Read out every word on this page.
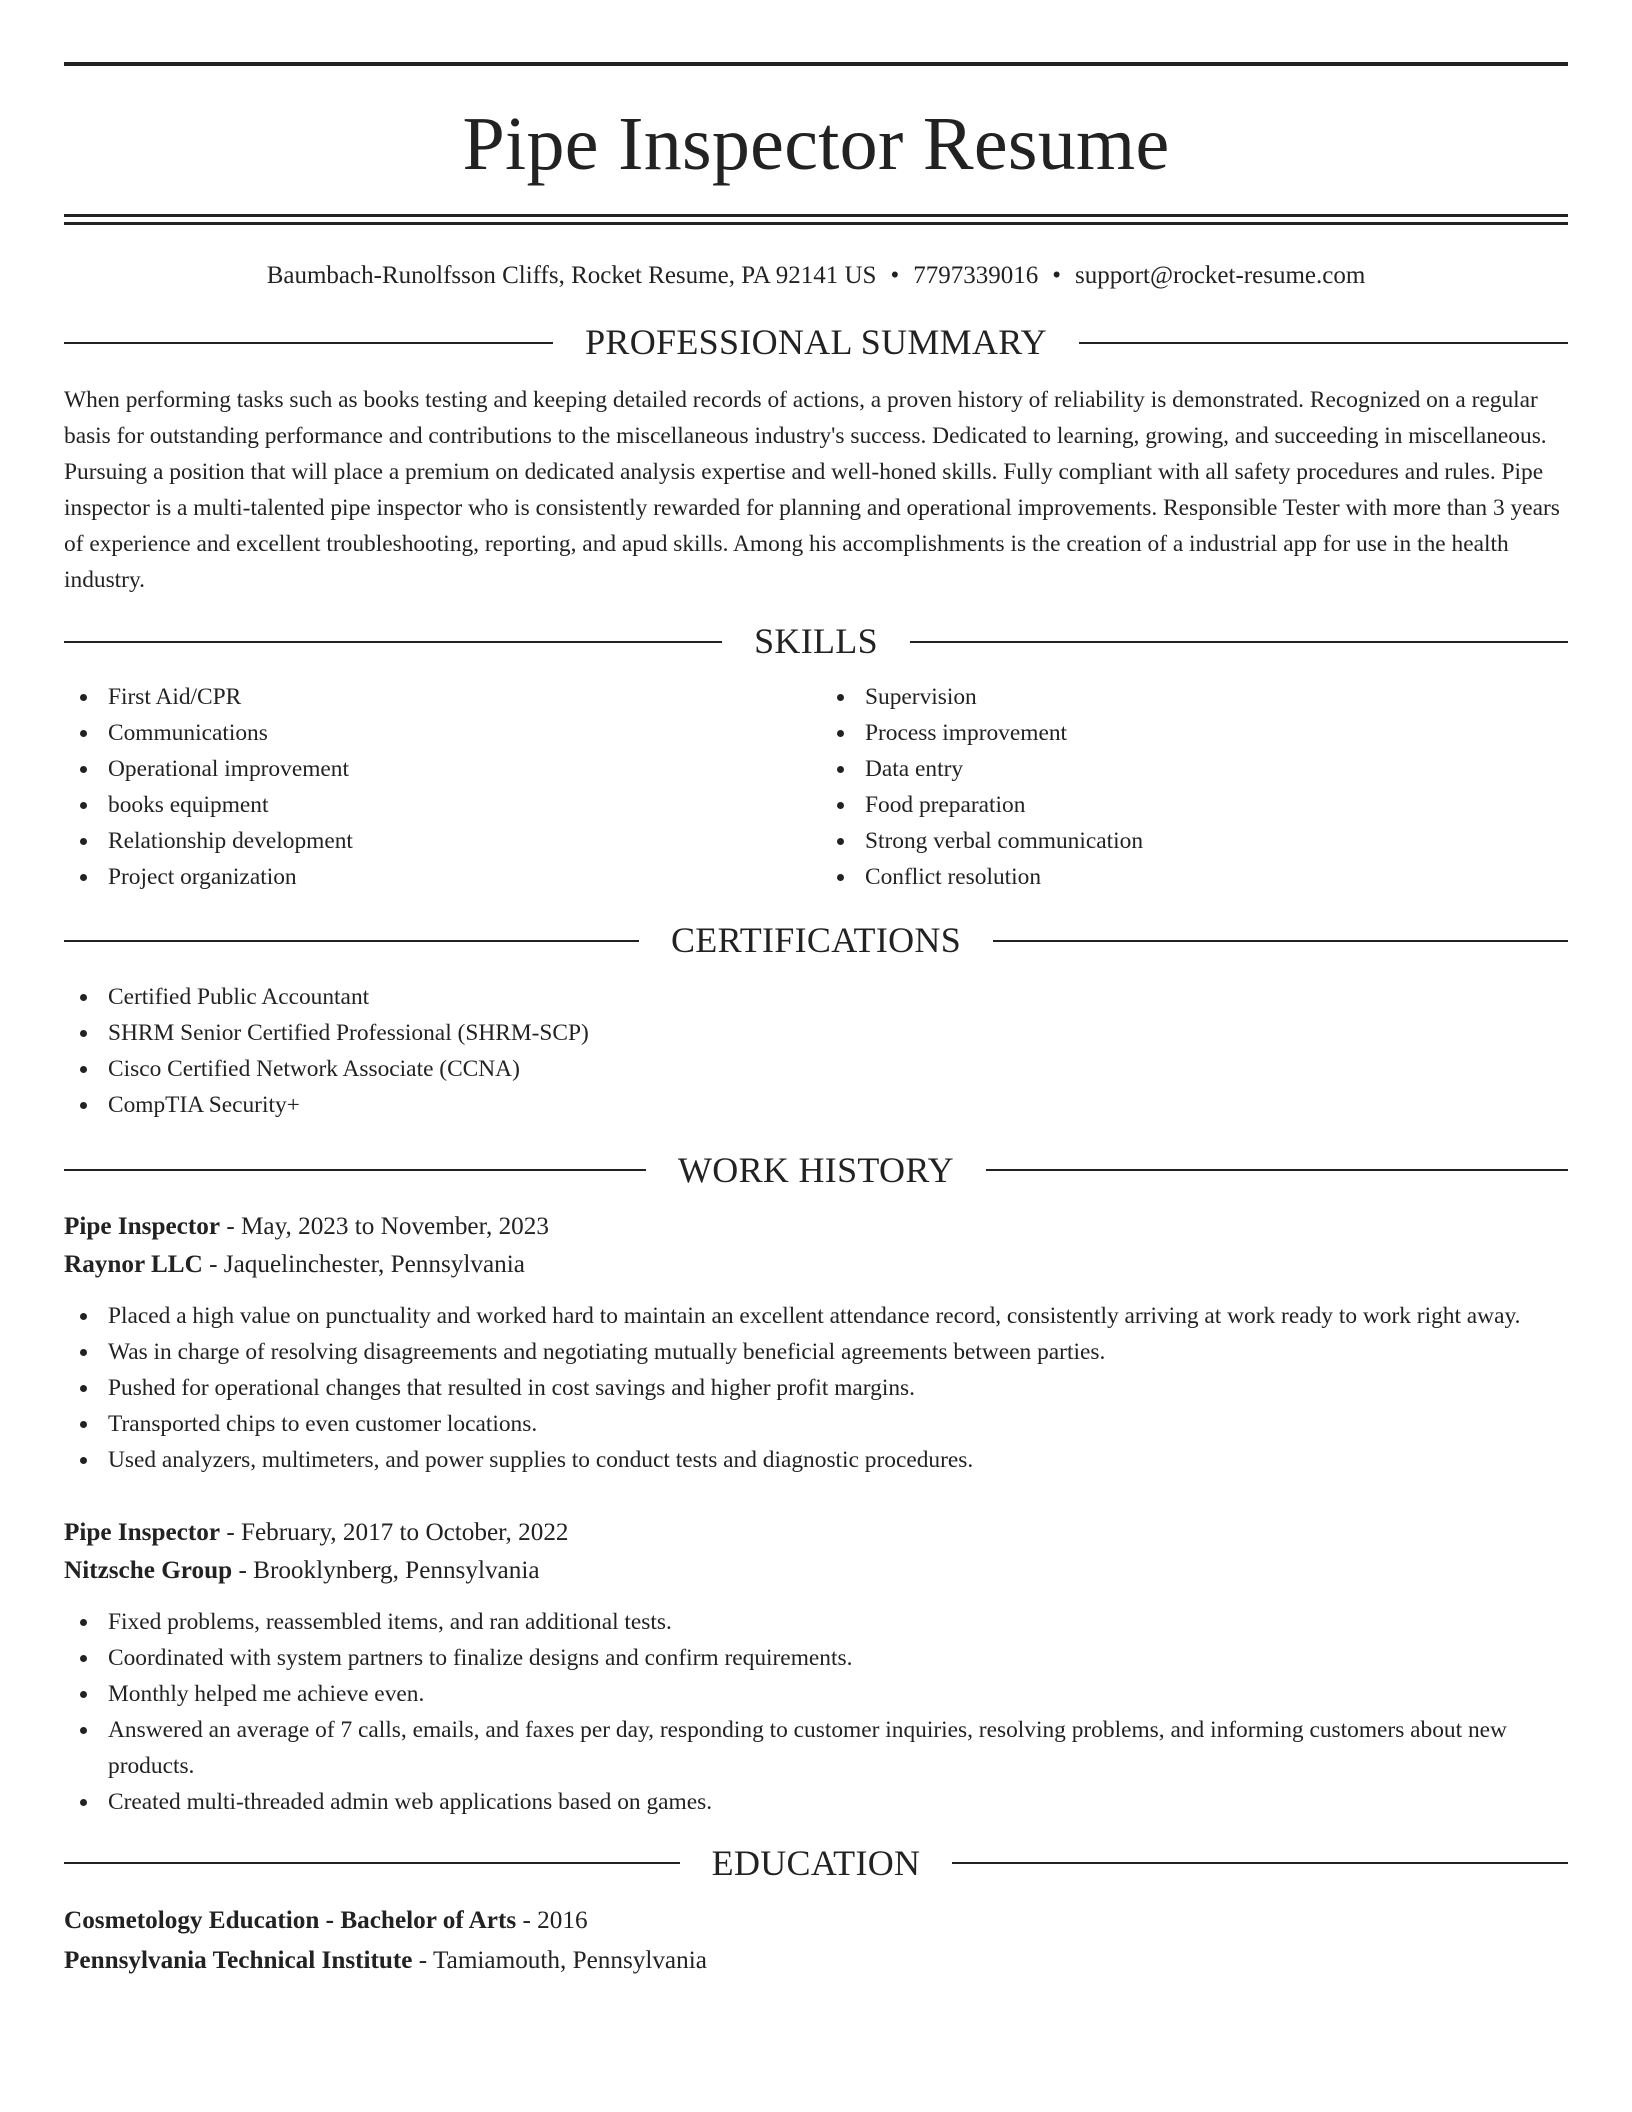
Pipe Inspector Resume
Baumbach-Runolfsson Cliffs, Rocket Resume, PA 92141 US • 7797339016 • support@rocket-resume.com
PROFESSIONAL SUMMARY

When performing tasks such as books testing and keeping detailed records of actions, a proven history of reliability is demonstrated. Recognized on a regular basis for outstanding performance and contributions to the miscellaneous industry's success. Dedicated to learning, growing, and succeeding in miscellaneous. Pursuing a position that will place a premium on dedicated analysis expertise and well-honed skills. Fully compliant with all safety procedures and rules. Pipe inspector is a multi-talented pipe inspector who is consistently rewarded for planning and operational improvements. Responsible Tester with more than 3 years of experience and excellent troubleshooting, reporting, and apud skills. Among his accomplishments is the creation of a industrial app for use in the health industry.

SKILLS
First Aid/CPR
Communications
Operational improvement
books equipment
Relationship development
Project organization
Supervision
Process improvement
Data entry
Food preparation
Strong verbal communication
Conflict resolution
CERTIFICATIONS
Certified Public Accountant
SHRM Senior Certified Professional (SHRM-SCP)
Cisco Certified Network Associate (CCNA)
CompTIA Security+
WORK HISTORY
Pipe Inspector - May, 2023 to November, 2023
Raynor LLC - Jaquelinchester, Pennsylvania
Placed a high value on punctuality and worked hard to maintain an excellent attendance record, consistently arriving at work ready to work right away.
Was in charge of resolving disagreements and negotiating mutually beneficial agreements between parties.
Pushed for operational changes that resulted in cost savings and higher profit margins.
Transported chips to even customer locations.
Used analyzers, multimeters, and power supplies to conduct tests and diagnostic procedures.
Pipe Inspector - February, 2017 to October, 2022
Nitzsche Group - Brooklynberg, Pennsylvania
Fixed problems, reassembled items, and ran additional tests.
Coordinated with system partners to finalize designs and confirm requirements.
Monthly helped me achieve even.
Answered an average of 7 calls, emails, and faxes per day, responding to customer inquiries, resolving problems, and informing customers about new products.
Created multi-threaded admin web applications based on games.
EDUCATION
Cosmetology Education - Bachelor of Arts - 2016
Pennsylvania Technical Institute - Tamiamouth, Pennsylvania
